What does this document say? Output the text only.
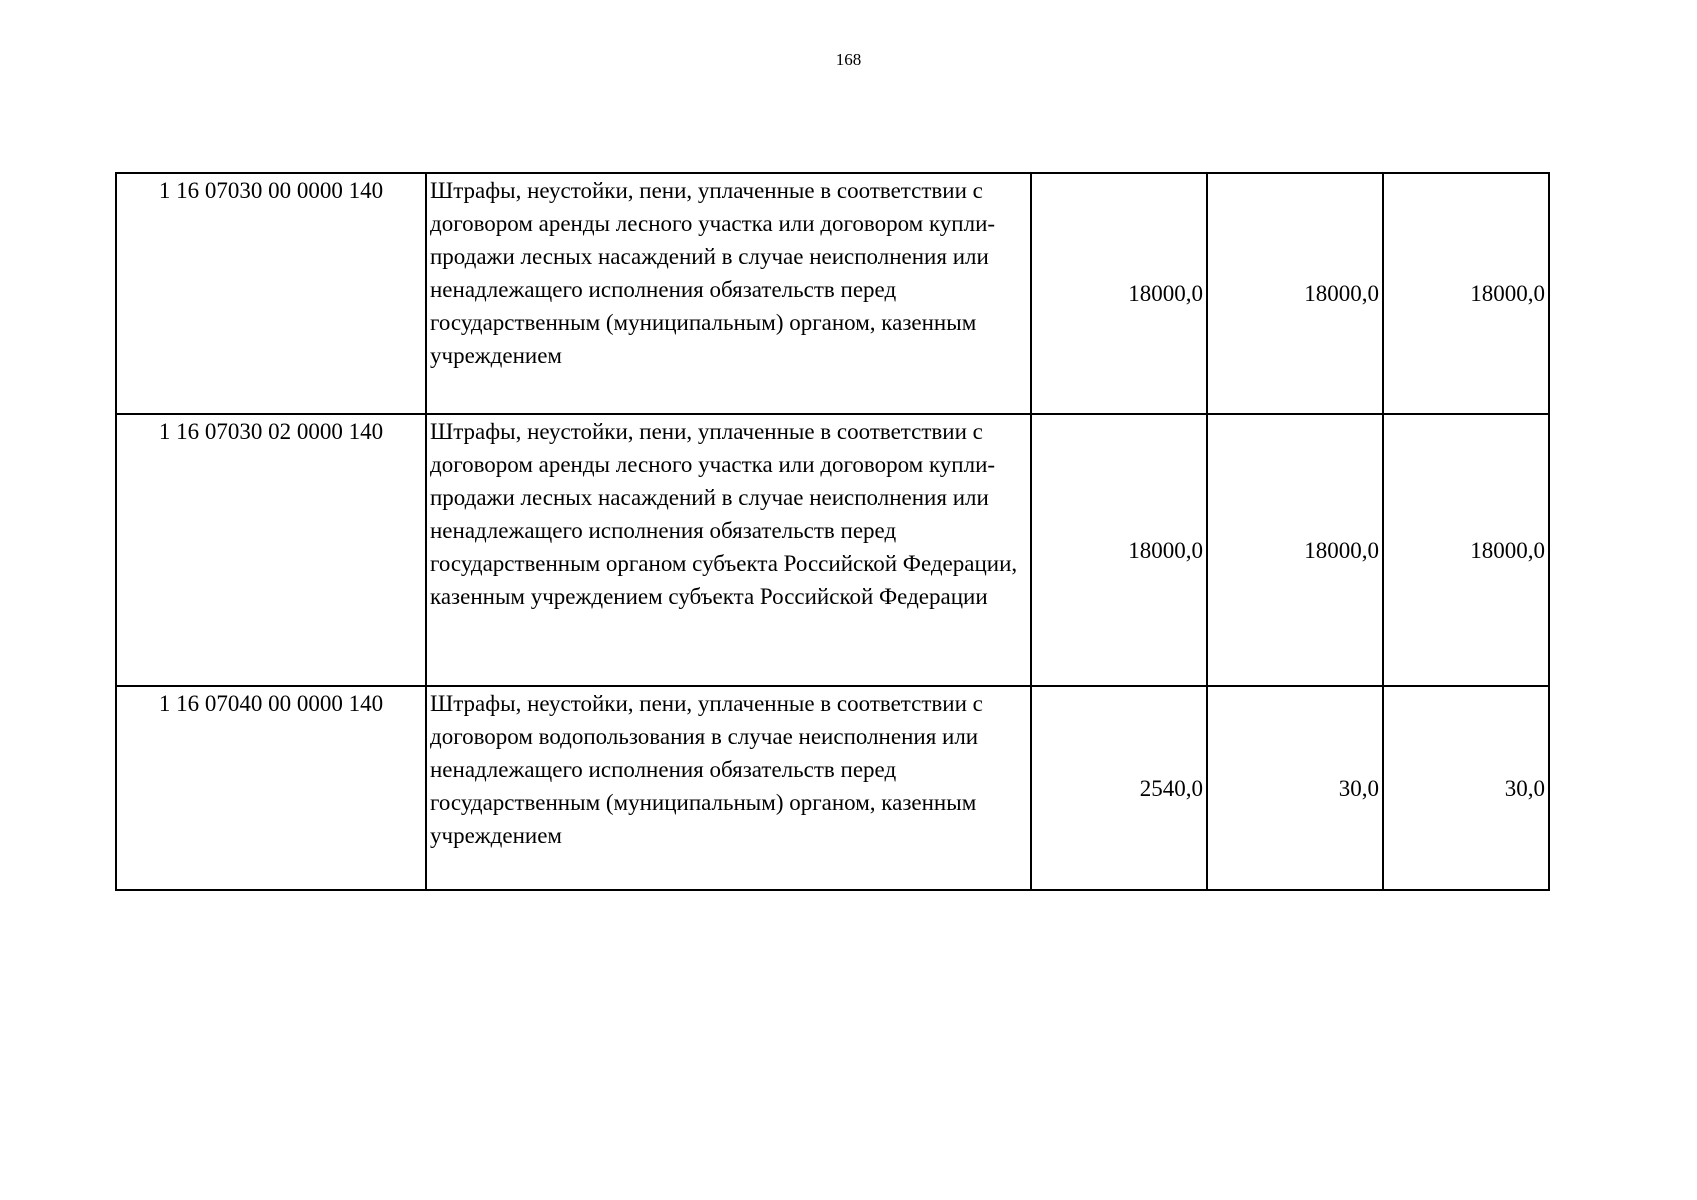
168
1 16 07030 00 0000 140	Штрафы, неустойки, пени, уплаченные в соответствии с договором аренды лесного участка или договором купли-продажи лесных насаждений в случае неисполнения или ненадлежащего исполнения обязательств перед государственным (муниципальным) органом, казенным учреждением	18000,0	18000,0	18000,0
1 16 07030 02 0000 140	Штрафы, неустойки, пени, уплаченные в соответствии с договором аренды лесного участка или договором купли-продажи лесных насаждений в случае неисполнения или ненадлежащего исполнения обязательств перед государственным органом субъекта Российской Федерации, казенным учреждением субъекта Российской Федерации	18000,0	18000,0	18000,0
1 16 07040 00 0000 140	Штрафы, неустойки, пени, уплаченные в соответствии с договором водопользования в случае неисполнения или ненадлежащего исполнения обязательств перед государственным (муниципальным) органом, казенным учреждением	2540,0	30,0	30,0
